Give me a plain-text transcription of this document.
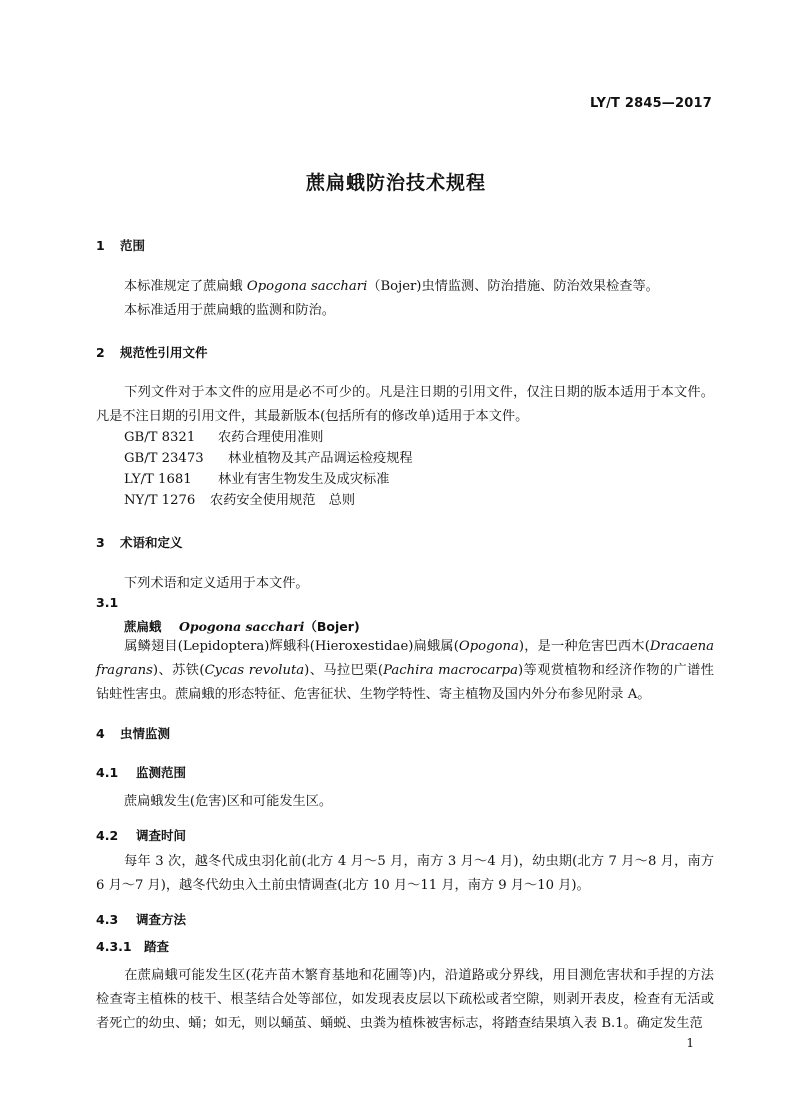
LY/T 2845—2017
蔗扁蛾防治技术规程
1 范围
本标准规定了蔗扁蛾 Opogona sacchari（Bojer)虫情监测、防治措施、防治效果检查等。
本标准适用于蔗扁蛾的监测和防治。
2 规范性引用文件
下列文件对于本文件的应用是必不可少的。凡是注日期的引用文件，仅注日期的版本适用于本文件。凡是不注日期的引用文件，其最新版本(包括所有的修改单)适用于本文件。
GB/T 8321 农药合理使用准则
GB/T 23473 林业植物及其产品调运检疫规程
LY/T 1681 林业有害生物发生及成灾标准
NY/T 1276 农药安全使用规范　总则
3 术语和定义
下列术语和定义适用于本文件。
3.1
蔗扁蛾 Opogona sacchari（Bojer)
属鳞翅目(Lepidoptera)辉蛾科(Hieroxestidae)扁蛾属(Opogona)，是一种危害巴西木(Dracaena fragrans)、苏铁(Cycas revoluta)、马拉巴栗(Pachira macrocarpa)等观赏植物和经济作物的广谱性钻蛀性害虫。蔗扁蛾的形态特征、危害征状、生物学特性、寄主植物及国内外分布参见附录 A。
4 虫情监测
4.1 监测范围
蔗扁蛾发生(危害)区和可能发生区。
4.2 调查时间
每年 3 次，越冬代成虫羽化前(北方 4 月～5 月，南方 3 月～4 月)，幼虫期(北方 7 月～8 月，南方 6 月～7 月)，越冬代幼虫入土前虫情调查(北方 10 月～11 月，南方 9 月～10 月)。
4.3 调查方法
4.3.1 踏查
在蔗扁蛾可能发生区(花卉苗木繁育基地和花圃等)内，沿道路或分界线，用目测危害状和手捏的方法检查寄主植株的枝干、根茎结合处等部位，如发现表皮层以下疏松或者空隙，则剥开表皮，检查有无活或者死亡的幼虫、蛹；如无，则以蛹茧、蛹蜕、虫粪为植株被害标志，将踏查结果填入表 B.1。确定发生范
1
